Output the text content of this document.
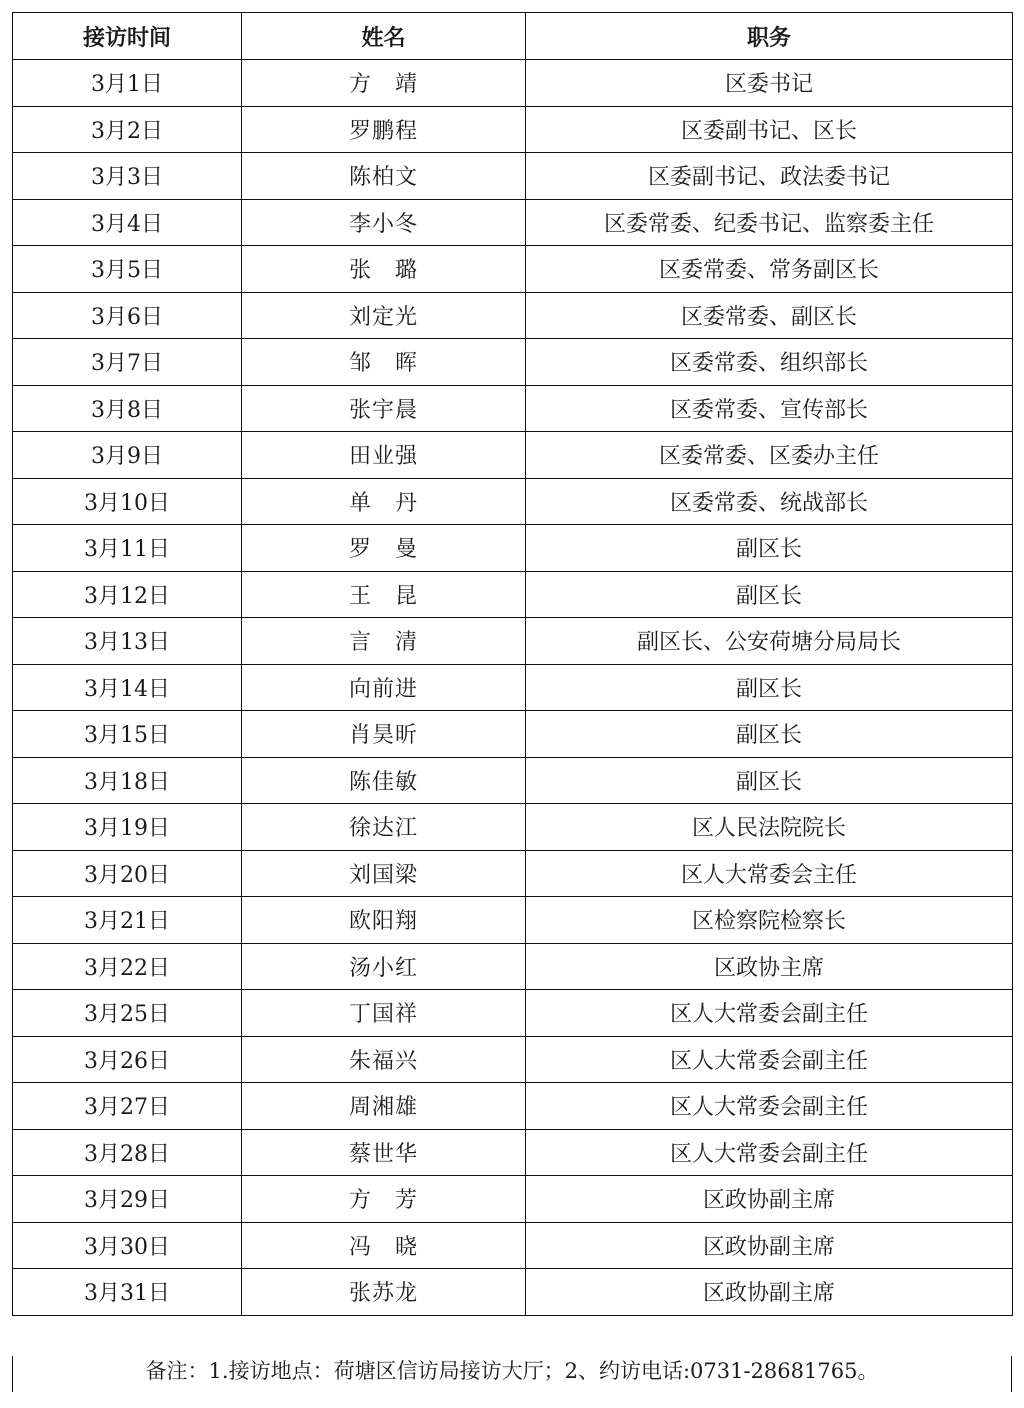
接访时间	姓名	职务
3月1日	方　靖	区委书记
3月2日	罗鹏程	区委副书记、区长
3月3日	陈柏文	区委副书记、政法委书记
3月4日	李小冬	区委常委、纪委书记、监察委主任
3月5日	张　璐	区委常委、常务副区长
3月6日	刘定光	区委常委、副区长
3月7日	邹　晖	区委常委、组织部长
3月8日	张宇晨	区委常委、宣传部长
3月9日	田业强	区委常委、区委办主任
3月10日	单　丹	区委常委、统战部长
3月11日	罗　曼	副区长
3月12日	王　昆	副区长
3月13日	言　清	副区长、公安荷塘分局局长
3月14日	向前进	副区长
3月15日	肖昊昕	副区长
3月18日	陈佳敏	副区长
3月19日	徐达江	区人民法院院长
3月20日	刘国梁	区人大常委会主任
3月21日	欧阳翔	区检察院检察长
3月22日	汤小红	区政协主席
3月25日	丁国祥	区人大常委会副主任
3月26日	朱福兴	区人大常委会副主任
3月27日	周湘雄	区人大常委会副主任
3月28日	蔡世华	区人大常委会副主任
3月29日	方　芳	区政协副主席
3月30日	冯　晓	区政协副主席
3月31日	张苏龙	区政协副主席
备注：1.接访地点：荷塘区信访局接访大厅；2、约访电话:0731-28681765。
